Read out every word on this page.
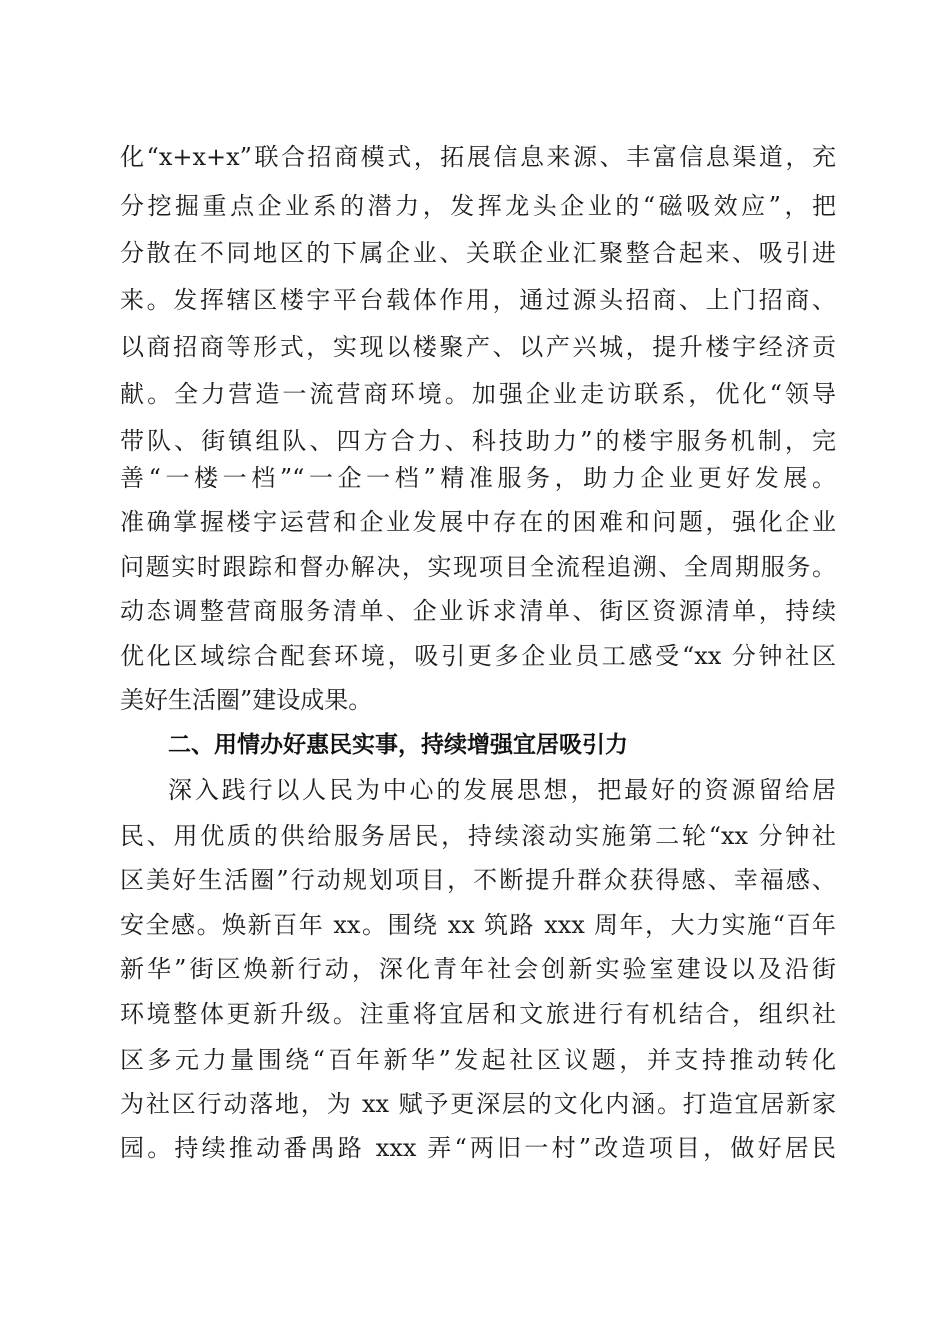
化“x+x+x”联合招商模式，拓展信息来源、丰富信息渠道，充
分挖掘重点企业系的潜力，发挥龙头企业的“磁吸效应”，把
分散在不同地区的下属企业、关联企业汇聚整合起来、吸引进
来。发挥辖区楼宇平台载体作用，通过源头招商、上门招商、
以商招商等形式，实现以楼聚产、以产兴城，提升楼宇经济贡
献。全力营造一流营商环境。加强企业走访联系，优化“领导
带队、街镇组队、四方合力、科技助力”的楼宇服务机制，完
善“一楼一档”“一企一档”精准服务，助力企业更好发展。
准确掌握楼宇运营和企业发展中存在的困难和问题，强化企业
问题实时跟踪和督办解决，实现项目全流程追溯、全周期服务。
动态调整营商服务清单、企业诉求清单、街区资源清单，持续
优化区域综合配套环境，吸引更多企业员工感受“xx 分钟社区
美好生活圈”建设成果。
二、用情办好惠民实事，持续增强宜居吸引力
深入践行以人民为中心的发展思想，把最好的资源留给居
民、用优质的供给服务居民，持续滚动实施第二轮“xx 分钟社
区美好生活圈”行动规划项目，不断提升群众获得感、幸福感、
安全感。焕新百年 xx。围绕 xx 筑路 xxx 周年，大力实施“百年
新华”街区焕新行动，深化青年社会创新实验室建设以及沿街
环境整体更新升级。注重将宜居和文旅进行有机结合，组织社
区多元力量围绕“百年新华”发起社区议题，并支持推动转化
为社区行动落地，为 xx 赋予更深层的文化内涵。打造宜居新家
园。持续推动番禺路 xxx 弄“两旧一村”改造项目，做好居民
